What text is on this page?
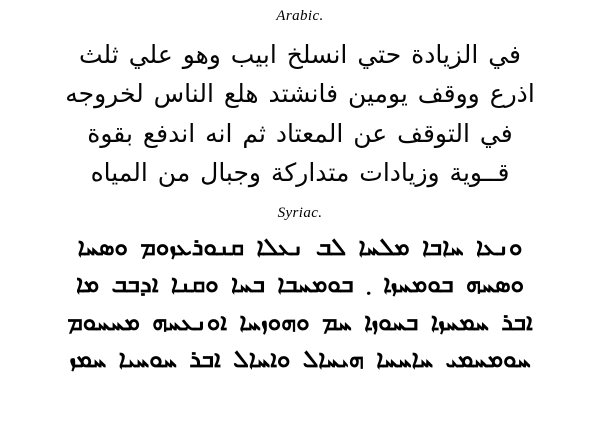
Arabic.
في الزيادة حتي انسلخ ابيب وهو علي ثلث
اذرع ووقف يومين فانشتد هلع الناس لخروجه
في التوقف عن المعتاد ثم انه اندفع بقوة
قــوية وزيادات متداركة وجبال من المياه
Syriac.
ܘܢܥܐ ܚܐܒܐ ܡܠܚܐ ܠܒ ܢܥܠܐ ܩܢܘܪܥܙܘܡ ܘܣܚܐ
ܘܣܚܗ ܒܘܡܚܙܐ ܂ ܒܘܡܚܒܐ ܒܚܐ ܘܩܢܐ ܐܕܒܒ ܡܐ
ܐܒܪ ܚܡܚܙܐ ܒܚܘܙܐ ܚܡ ܘܗܘܙܚܐ ܐܘܢܥܚܗ ܡܚܚܘܡ
ܚܘܡܚܡܝ ܚܐܚܚܐ ܗܝܚܐܠ ܘܐܚܐܠ ܐܒܪ ܚܘܚܝܐ ܚܡܙ
